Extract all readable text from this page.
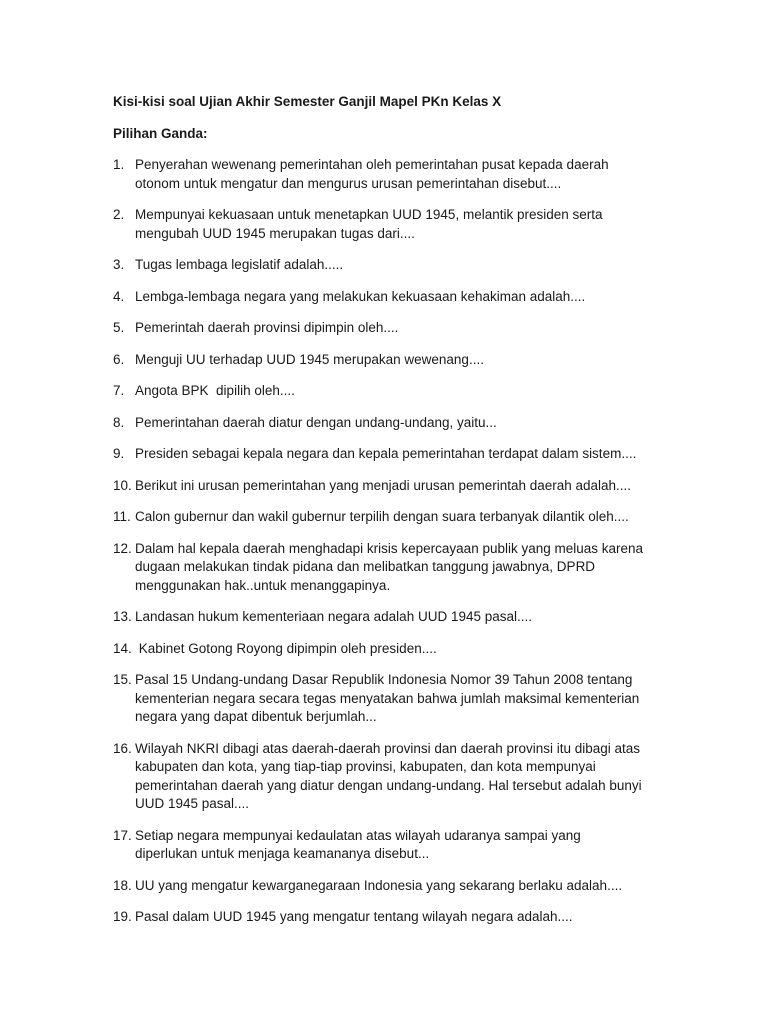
Kisi-kisi soal Ujian Akhir Semester Ganjil Mapel PKn Kelas X

Pilihan Ganda:

1. Penyerahan wewenang pemerintahan oleh pemerintahan pusat kepada daerah
otonom untuk mengatur dan mengurus urusan pemerintahan disebut....
2. Mempunyai kekuasaan untuk menetapkan UUD 1945, melantik presiden serta
mengubah UUD 1945 merupakan tugas dari....
3. Tugas lembaga legislatif adalah.....
4. Lembga-lembaga negara yang melakukan kekuasaan kehakiman adalah....
5. Pemerintah daerah provinsi dipimpin oleh....
6. Menguji UU terhadap UUD 1945 merupakan wewenang....
7. Angota BPK  dipilih oleh....
8. Pemerintahan daerah diatur dengan undang-undang, yaitu...
9. Presiden sebagai kepala negara dan kepala pemerintahan terdapat dalam sistem....
10. Berikut ini urusan pemerintahan yang menjadi urusan pemerintah daerah adalah....
11. Calon gubernur dan wakil gubernur terpilih dengan suara terbanyak dilantik oleh....
12. Dalam hal kepala daerah menghadapi krisis kepercayaan publik yang meluas karena
dugaan melakukan tindak pidana dan melibatkan tanggung jawabnya, DPRD
menggunakan hak..untuk menanggapinya.
13. Landasan hukum kementeriaan negara adalah UUD 1945 pasal....
14. Kabinet Gotong Royong dipimpin oleh presiden....
15. Pasal 15 Undang-undang Dasar Republik Indonesia Nomor 39 Tahun 2008 tentang
kementerian negara secara tegas menyatakan bahwa jumlah maksimal kementerian
negara yang dapat dibentuk berjumlah...
16. Wilayah NKRI dibagi atas daerah-daerah provinsi dan daerah provinsi itu dibagi atas
kabupaten dan kota, yang tiap-tiap provinsi, kabupaten, dan kota mempunyai
pemerintahan daerah yang diatur dengan undang-undang. Hal tersebut adalah bunyi
UUD 1945 pasal....
17. Setiap negara mempunyai kedaulatan atas wilayah udaranya sampai yang
diperlukan untuk menjaga keamananya disebut...
18. UU yang mengatur kewarganegaraan Indonesia yang sekarang berlaku adalah....
19. Pasal dalam UUD 1945 yang mengatur tentang wilayah negara adalah....
